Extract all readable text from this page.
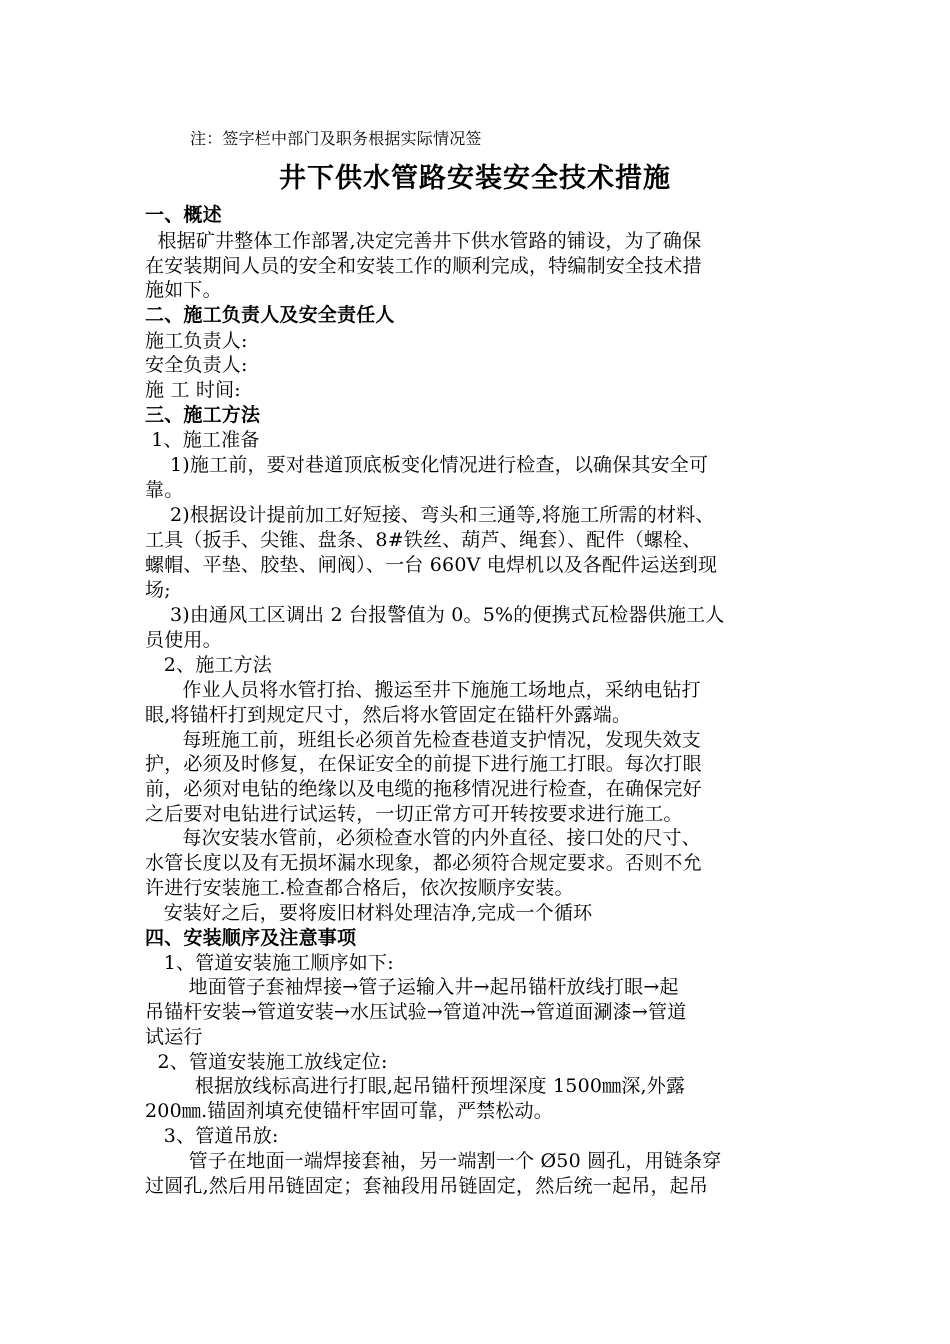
注：签字栏中部门及职务根据实际情况签
井下供水管路安装安全技术措施
一、概述
根据矿井整体工作部署,决定完善井下供水管路的铺设，为了确保
在安装期间人员的安全和安装工作的顺利完成，特编制安全技术措
施如下。
二、施工负责人及安全责任人
施工负责人:
安全负责人:
施 工 时间:
三、施工方法
1、施工准备
1)施工前，要对巷道顶底板变化情况进行检查，以确保其安全可
靠。
2)根据设计提前加工好短接、弯头和三通等,将施工所需的材料、
工具（扳手、尖锥、盘条、8#铁丝、葫芦、绳套）、配件（螺栓、
螺帽、平垫、胶垫、闸阀）、一台 660V 电焊机以及各配件运送到现
场;
3)由通风工区调出 2 台报警值为 0。5%的便携式瓦检器供施工人
员使用。
2、施工方法
作业人员将水管打抬、搬运至井下施施工场地点，采纳电钻打
眼,将锚杆打到规定尺寸，然后将水管固定在锚杆外露端。
每班施工前，班组长必须首先检查巷道支护情况，发现失效支
护，必须及时修复，在保证安全的前提下进行施工打眼。每次打眼
前，必须对电钻的绝缘以及电缆的拖移情况进行检查，在确保完好
之后要对电钻进行试运转，一切正常方可开转按要求进行施工。
每次安装水管前，必须检查水管的内外直径、接口处的尺寸、
水管长度以及有无损坏漏水现象，都必须符合规定要求。否则不允
许进行安装施工.检查都合格后，依次按顺序安装。
安装好之后，要将废旧材料处理洁净,完成一个循环
四、安装顺序及注意事项
1、管道安装施工顺序如下:
地面管子套袖焊接→管子运输入井→起吊锚杆放线打眼→起
吊锚杆安装→管道安装→水压试验→管道冲洗→管道面涮漆→管道
试运行
2、管道安装施工放线定位:
根据放线标高进行打眼,起吊锚杆预埋深度 1500㎜深,外露
200㎜.锚固剂填充使锚杆牢固可靠，严禁松动。
3、管道吊放:
管子在地面一端焊接套袖，另一端割一个 Ø50 圆孔，用链条穿
过圆孔,然后用吊链固定；套袖段用吊链固定，然后统一起吊，起吊
